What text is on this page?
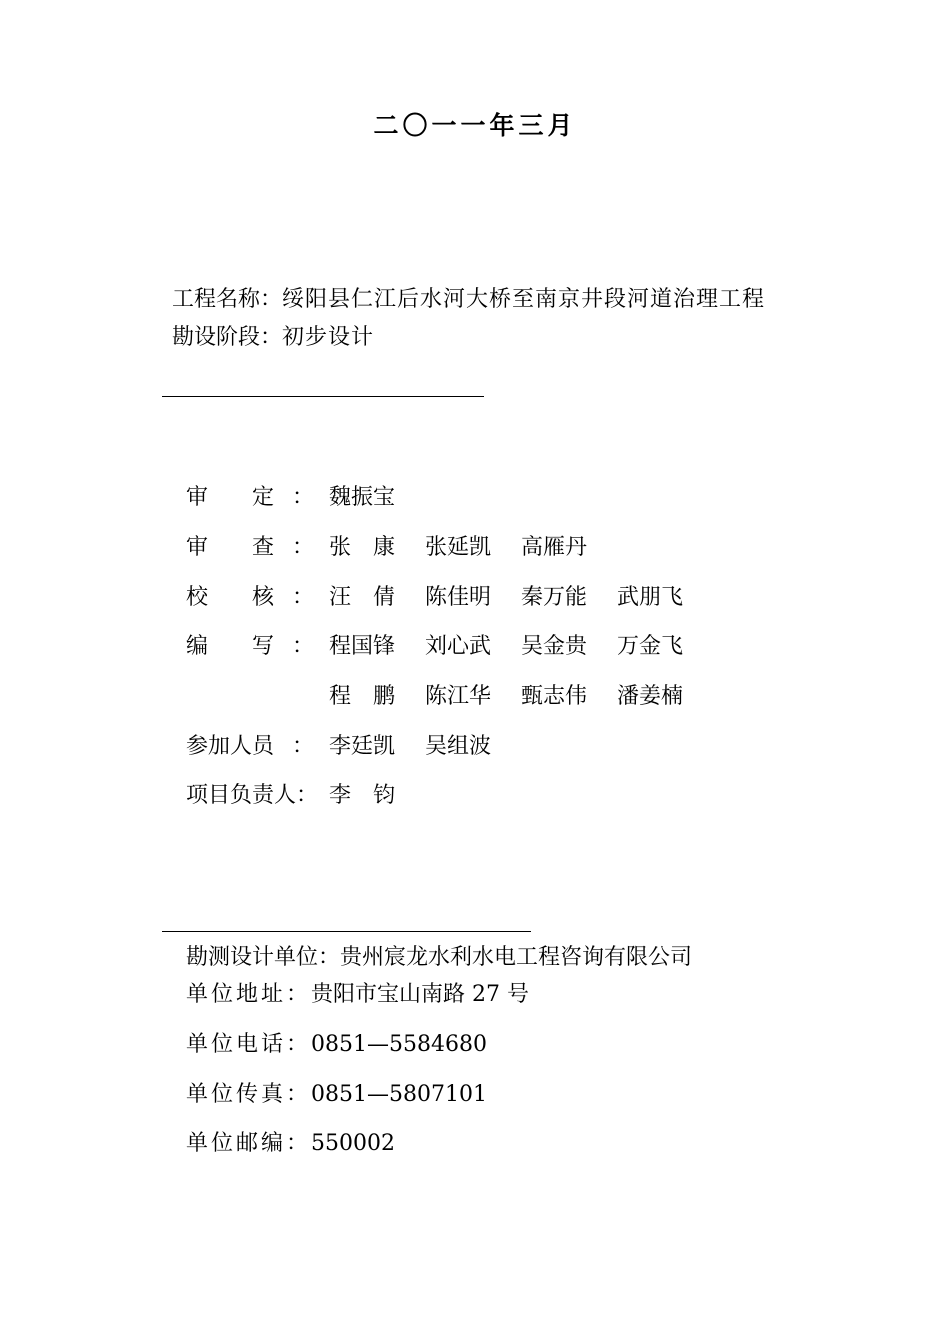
二〇一一年三月
工程名称：绥阳县仁江后水河大桥至南京井段河道治理工程
勘设阶段：初步设计
审　　定 ： 魏振宝
审　　查 ： 张　康 张延凯 高雁丹
校　　核 ： 汪　倩 陈佳明 秦万能 武朋飞
编　　写 ： 程国锋 刘心武 吴金贵 万金飞
程　鹏 陈江华 甄志伟 潘姜楠
参加人员 ： 李廷凯 吴组波
项目负责人： 李　钧
勘测设计单位：贵州宸龙水利水电工程咨询有限公司
单位地址：贵阳市宝山南路 27 号
单位电话：0851—5584680
单位传真：0851—5807101
单位邮编：550002
